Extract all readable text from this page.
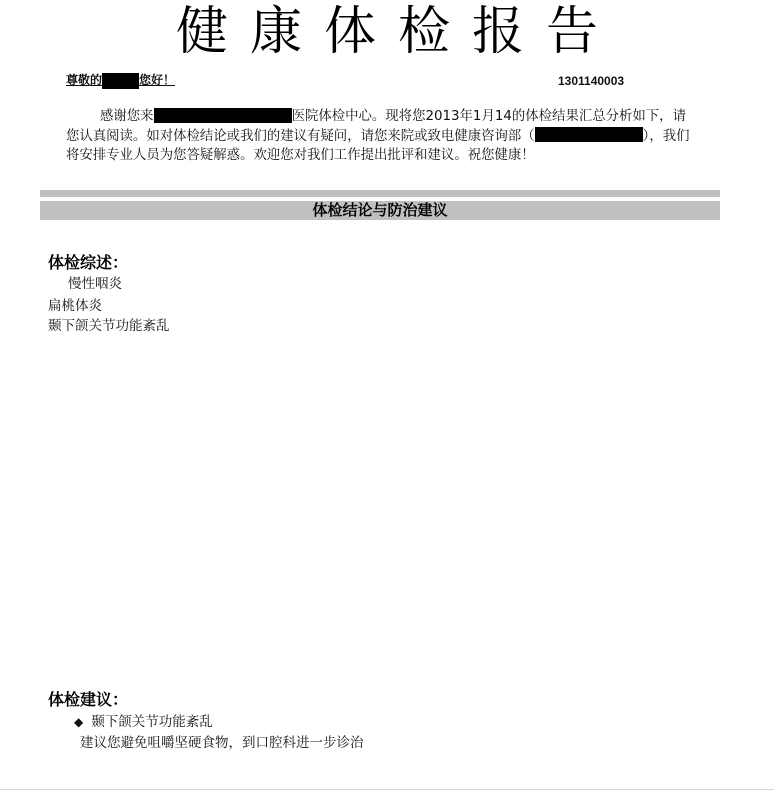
健康体检报告
尊敬的	您好！	1301140003
感谢您来	医院体检中心。现将您2013年1月14的体检结果汇总分析如下，请您认真阅读。如对体检结论或我们的建议有疑问，请您来院或致电健康咨询部（	），我们将安排专业人员为您答疑解惑。欢迎您对我们工作提出批评和建议。祝您健康！
体检结论与防治建议
体检综述：
慢性咽炎
扁桃体炎
颞下颌关节功能紊乱
体检建议：
◆ 颞下颌关节功能紊乱
建议您避免咀嚼坚硬食物，到口腔科进一步诊治
